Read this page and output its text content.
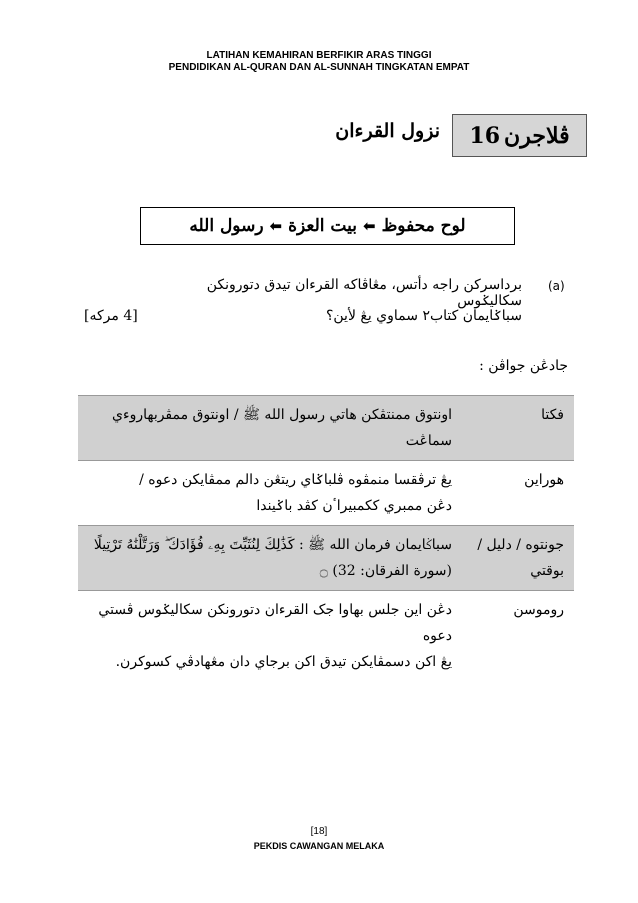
LATIHAN KEMAHIRAN BERFIKIR ARAS TINGGI
PENDIDIKAN AL-QURAN DAN AL-SUNNAH TINGKATAN EMPAT
ڤلاجرن
16
نزول القرءان
لوح محفوظ
⬅
بيت العزة
⬅
رسول الله
(a)
برداسرکن راجه دأتس، مڠاڤاکه القرءان تيدق دتورونکن سکاليݢوس
سباݢايمان کتاب٢ سماوي يڠ لأين؟
[4 مرکه]
جادڠن جواڤن :
فکتا	اونتوق ممنتڤکن هاتي رسول الله ﷺ / اونتوق ممڤربهاروءي سماڠت
هوراين	يڠ ترڤقسا منمڤوه ڤلباݢاي ريتڠن دالم ممڤايکن دعوه /
دڠن ممبري ککمبيراٴن کڤد باݢيندا

جونتوه / دليل / بوقتي	سباݢايمان فرمان الله ﷺ : كَذَٰلِكَ لِنُثَبِّتَ بِهِۦ فُؤَادَكَ ۖ وَرَتَّلْنَٰهُ تَرْتِيلًا
(سورة الفرقان: 32) ۝

روموسن	دڠن اين جلس بهاوا جک القرءان دتورونکن سکاليݢوس ڤستي دعوه
يڠ اکن دسمڤايکن تيدق اکن برجاي دان مڠهادڤي کسوکرن.
[18]
PEKDIS CAWANGAN MELAKA
